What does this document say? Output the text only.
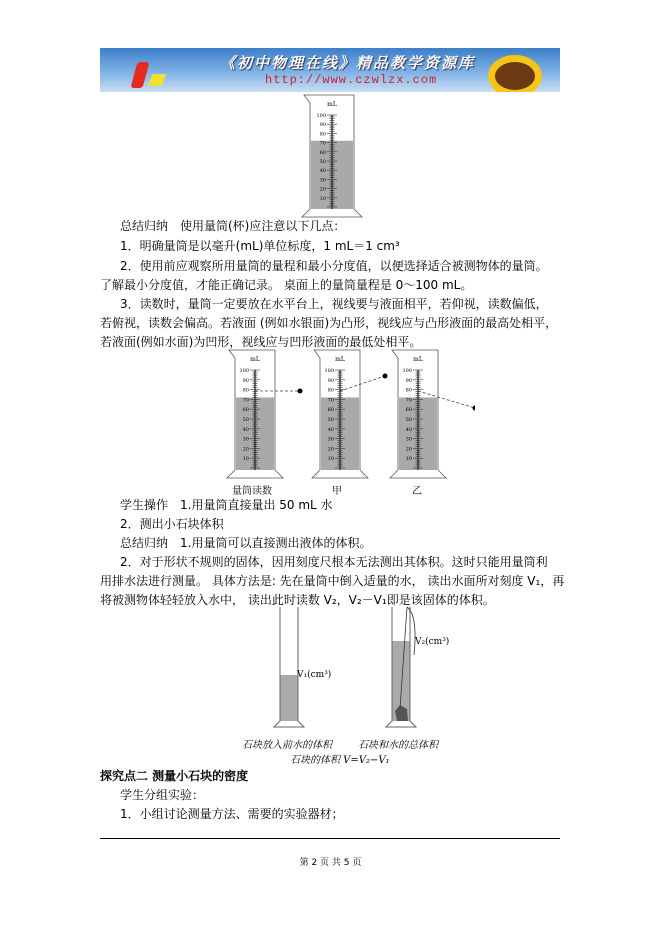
《初中物理在线》精品教学资源库
http://www.czwlzx.com
mL
100
90
80
70
60
50
40
30
20
10
总结归纳　使用量筒(杯)应注意以下几点：
1．明确量筒是以毫升(mL)单位标度，1 mL＝1 cm³
2．使用前应观察所用量筒的量程和最小分度值，以便选择适合被测物体的量筒。
了解最小分度值，才能正确记录。 桌面上的量筒量程是 0～100 mL。
3．读数时，量筒一定要放在水平台上，视线要与液面相平，若仰视，读数偏低，
若俯视，读数会偏高。若液面 (例如水银面)为凸形，视线应与凸形液面的最高处相平，
若液面(例如水面)为凹形，视线应与凹形液面的最低处相平。
mL
100
90
80
70
60
50
40
30
20
10
mL
100
90
80
70
60
50
40
30
20
10
mL
100
90
80
70
60
50
40
30
20
10
量筒读数	甲	乙
学生操作　1.用量筒直接量出 50 mL 水
2．测出小石块体积
总结归纳　1.用量筒可以直接测出液体的体积。
2．对于形状不规则的固体，因用刻度尺根本无法测出其体积。这时只能用量筒利
用排水法进行测量。 具体方法是: 先在量筒中倒入适量的水， 读出水面所对刻度 V₁，再
将被测物体轻轻放入水中， 读出此时读数 V₂，V₂－V₁即是该固体的体积。
V₁(cm³)
V₂(cm³)
石块放入前水的体积	石块和水的总体积
石块的体积 V=V₂−V₁
探究点二 测量小石块的密度
学生分组实验：
1．小组讨论测量方法、需要的实验器材；
第 2 页 共 5 页
